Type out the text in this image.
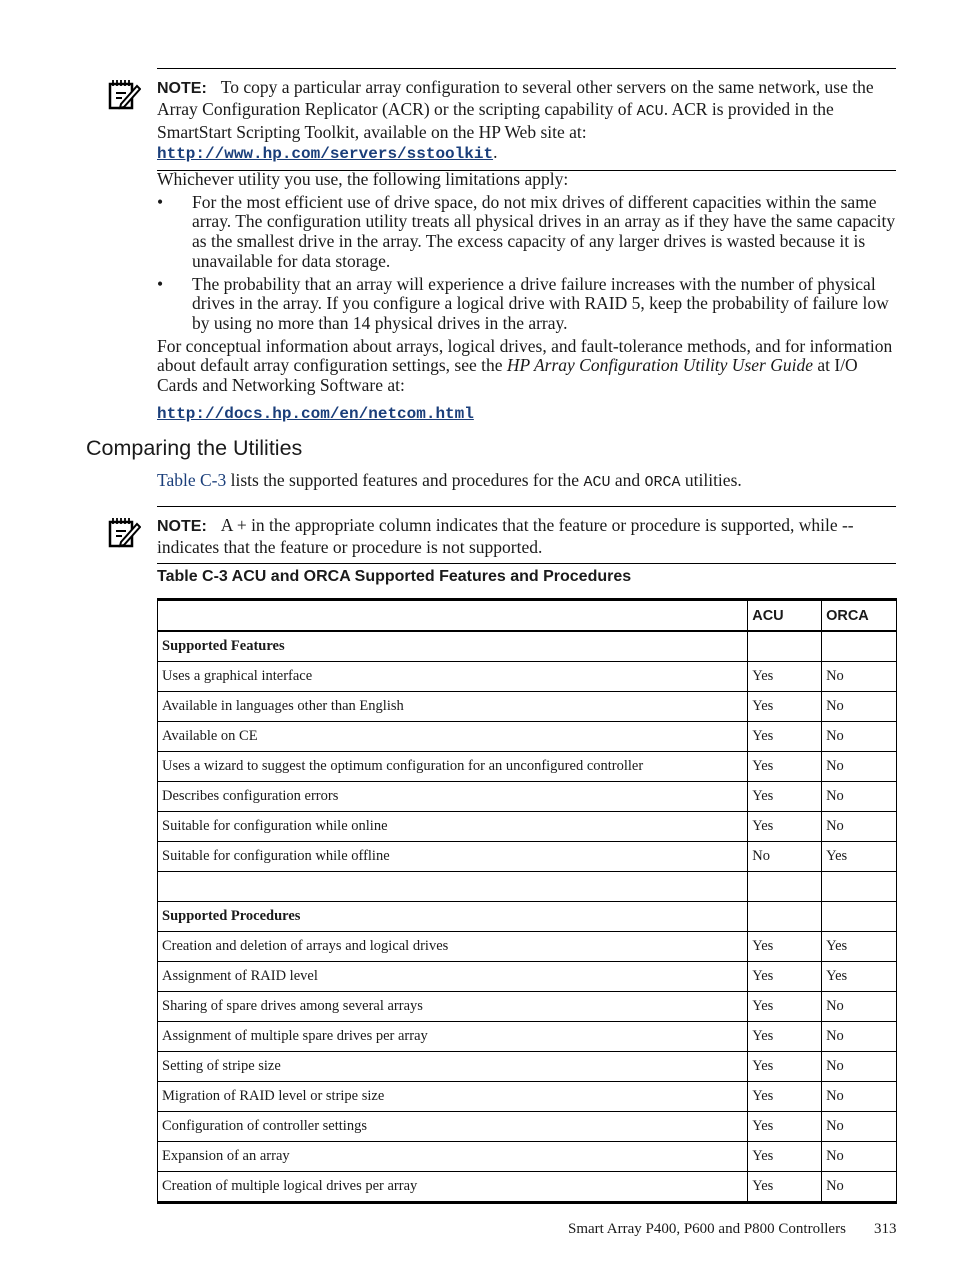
NOTE: To copy a particular array configuration to several other servers on the same network, use the Array Configuration Replicator (ACR) or the scripting capability of ACU. ACR is provided in the SmartStart Scripting Toolkit, available on the HP Web site at:
http://www.hp.com/servers/sstoolkit.
Whichever utility you use, the following limitations apply:
• For the most efficient use of drive space, do not mix drives of different capacities within the same array. The configuration utility treats all physical drives in an array as if they have the same capacity as the smallest drive in the array. The excess capacity of any larger drives is wasted because it is unavailable for data storage.
• The probability that an array will experience a drive failure increases with the number of physical drives in the array. If you configure a logical drive with RAID 5, keep the probability of failure low by using no more than 14 physical drives in the array.
For conceptual information about arrays, logical drives, and fault-tolerance methods, and for information about default array configuration settings, see the HP Array Configuration Utility User Guide at I/O Cards and Networking Software at:
http://docs.hp.com/en/netcom.html
Comparing the Utilities
Table C-3 lists the supported features and procedures for the ACU and ORCA utilities.
NOTE: A + in the appropriate column indicates that the feature or procedure is supported, while -- indicates that the feature or procedure is not supported.
Table C-3 ACU and ORCA Supported Features and Procedures
	ACU	ORCA
Supported Features		
Uses a graphical interface	Yes	No
Available in languages other than English	Yes	No
Available on CE	Yes	No
Uses a wizard to suggest the optimum configuration for an unconfigured controller	Yes	No
Describes configuration errors	Yes	No
Suitable for configuration while online	Yes	No
Suitable for configuration while offline	No	Yes

Supported Procedures		
Creation and deletion of arrays and logical drives	Yes	Yes
Assignment of RAID level	Yes	Yes
Sharing of spare drives among several arrays	Yes	No
Assignment of multiple spare drives per array	Yes	No
Setting of stripe size	Yes	No
Migration of RAID level or stripe size	Yes	No
Configuration of controller settings	Yes	No
Expansion of an array	Yes	No
Creation of multiple logical drives per array	Yes	No
Smart Array P400, P600 and P800 Controllers 313
